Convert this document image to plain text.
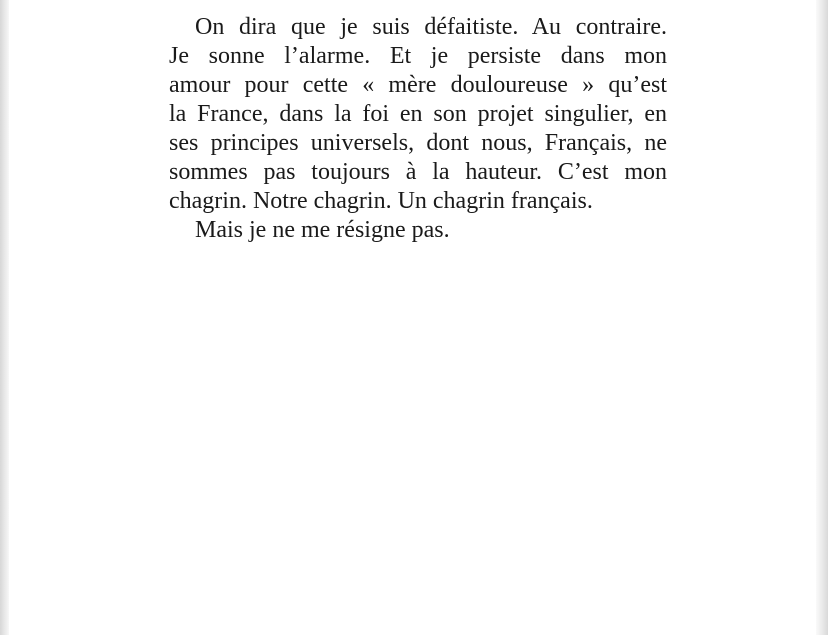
On dira que je suis défaitiste. Au contraire.
Je sonne l’alarme. Et je persiste dans mon
amour pour cette « mère douloureuse » qu’est
la France, dans la foi en son projet singulier, en
ses principes universels, dont nous, Français, ne
sommes pas toujours à la hauteur. C’est mon
chagrin. Notre chagrin. Un chagrin français.
Mais je ne me résigne pas.
